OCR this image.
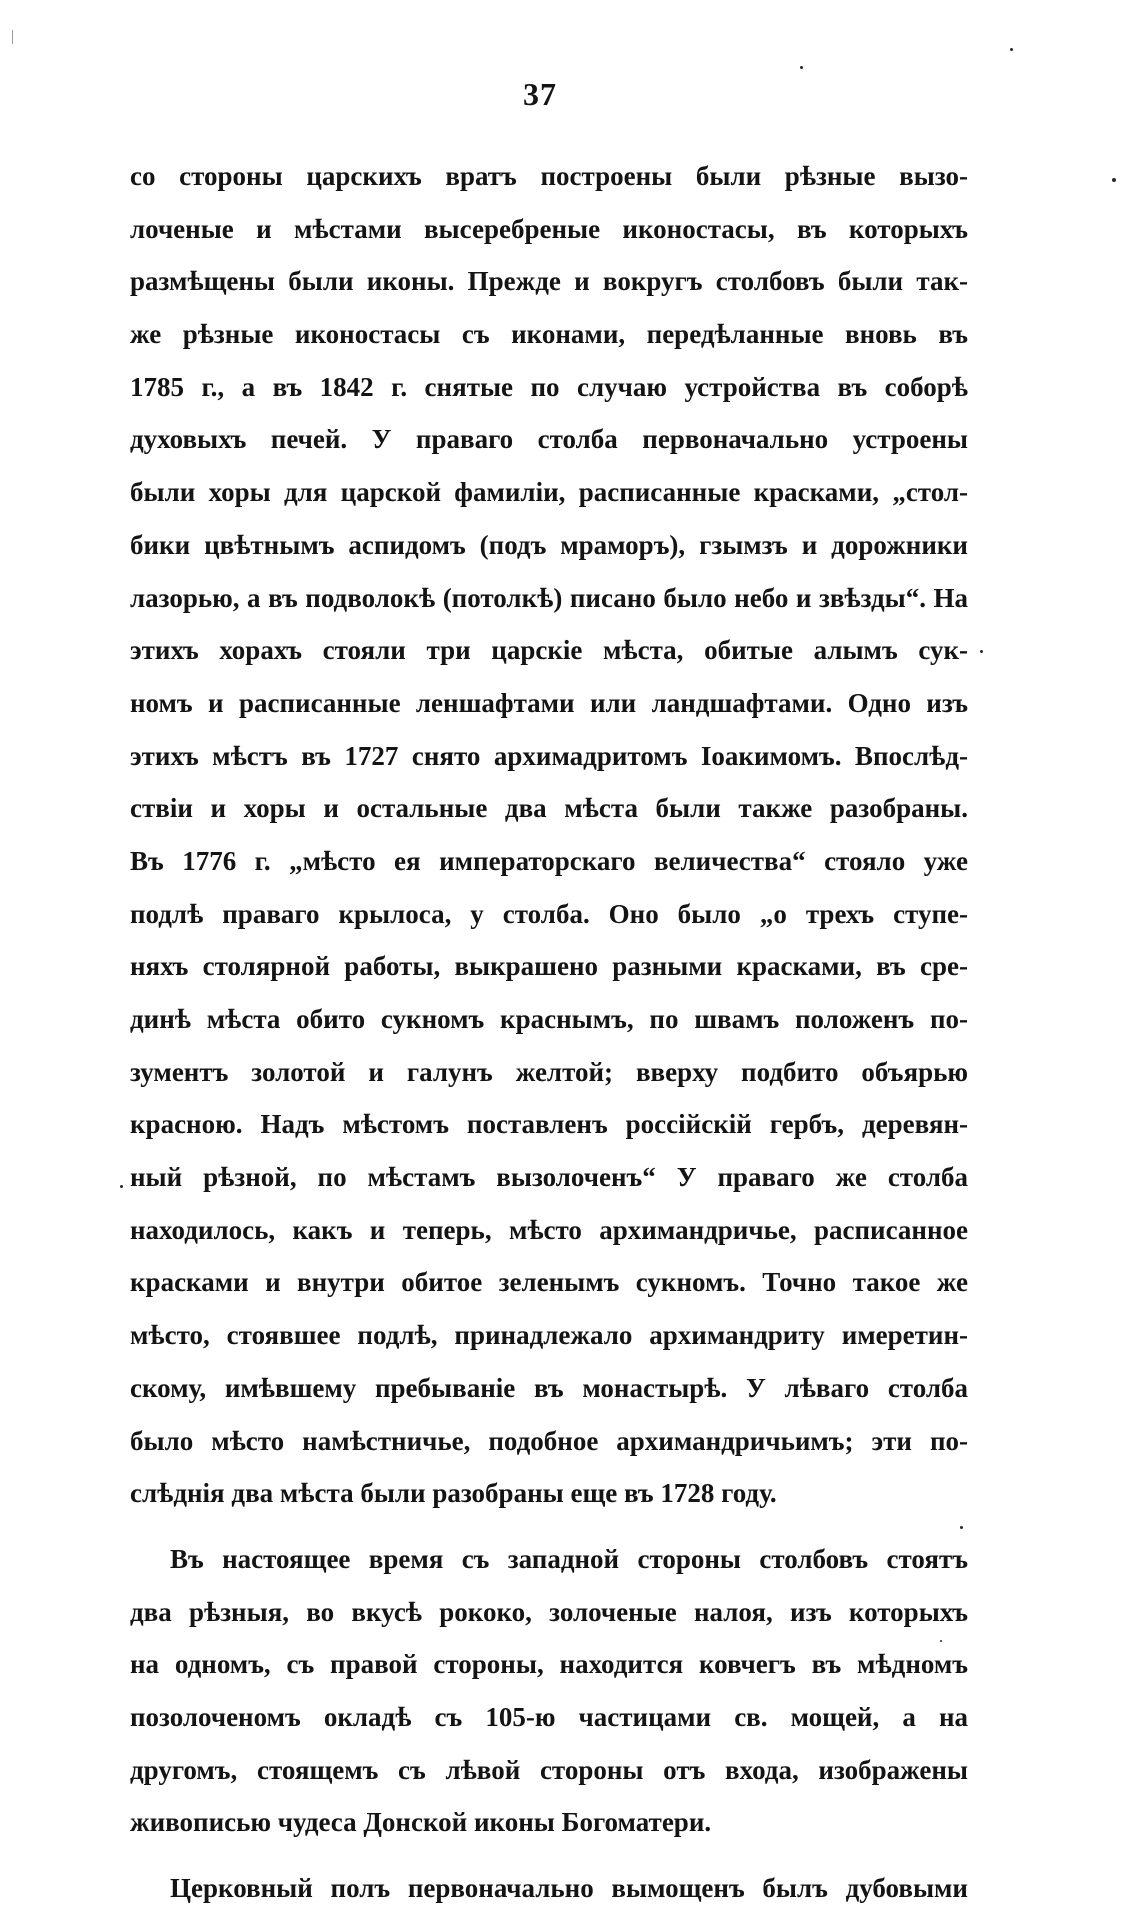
37
со стороны царскихъ вратъ построены были рѣзные вызо-
лоченые и мѣстами высеребреные иконостасы, въ которыхъ
размѣщены были иконы. Прежде и вокругъ столбовъ были так-
же рѣзные иконостасы съ иконами, передѣланные вновь въ
1785 г., а въ 1842 г. снятые по случаю устройства въ соборѣ
духовыхъ печей. У праваго столба первоначально устроены
были хоры для царской фамиліи, расписанные красками, „стол-
бики цвѣтнымъ аспидомъ (подъ мраморъ), гзымзъ и дорожники
лазорью, а въ подволокѣ (потолкѣ) писано было небо и звѣзды“. На
этихъ хорахъ стояли три царскіе мѣста, обитые алымъ сук-
номъ и расписанные леншафтами или ландшафтами. Одно изъ
этихъ мѣстъ въ 1727 снято архимадритомъ Іоакимомъ. Впослѣд-
ствіи и хоры и остальные два мѣста были также разобраны.
Въ 1776 г. „мѣсто ея императорскаго величества“ стояло уже
подлѣ праваго крылоса, у столба. Оно было „о трехъ ступе-
няхъ столярной работы, выкрашено разными красками, въ сре-
динѣ мѣста обито сукномъ краснымъ, по швамъ положенъ по-
зументъ золотой и галунъ желтой; вверху подбито объярью
красною. Надъ мѣстомъ поставленъ россійскій гербъ, деревян-
ный рѣзной, по мѣстамъ вызолоченъ“ У праваго же столба
находилось, какъ и теперь, мѣсто архимандричье, расписанное
красками и внутри обитое зеленымъ сукномъ. Точно такое же
мѣсто, стоявшее подлѣ, принадлежало архимандриту имеретин-
скому, имѣвшему пребываніе въ монастырѣ. У лѣваго столба
было мѣсто намѣстничье, подобное архимандричьимъ; эти по-
слѣднія два мѣста были разобраны еще въ 1728 году.
Въ настоящее время съ западной стороны столбовъ стоятъ
два рѣзныя, во вкусѣ рококо, золоченые налоя, изъ которыхъ
на одномъ, съ правой стороны, находится ковчегъ въ мѣдномъ
позолоченомъ окладѣ съ 105-ю частицами св. мощей, а на
другомъ, стоящемъ съ лѣвой стороны отъ входа, изображены
живописью чудеса Донской иконы Богоматери.
Церковный полъ первоначально вымощенъ былъ дубовыми
